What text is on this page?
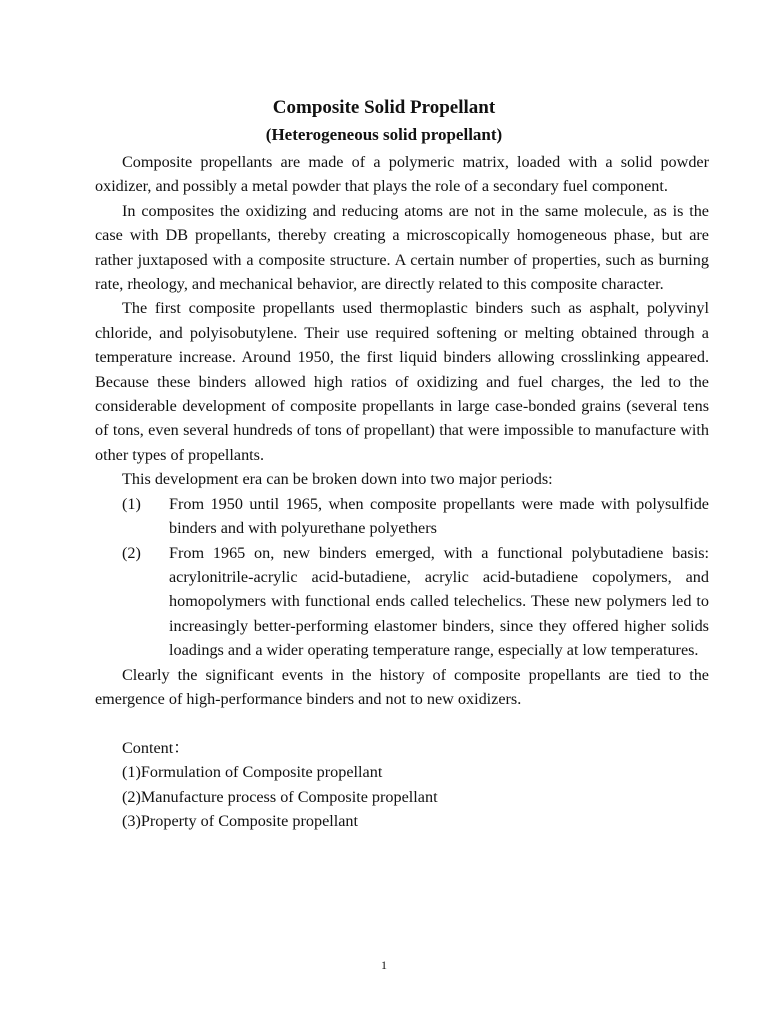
Composite Solid Propellant
(Heterogeneous solid propellant)

Composite propellants are made of a polymeric matrix, loaded with a solid powder oxidizer, and possibly a metal powder that plays the role of a secondary fuel component.

In composites the oxidizing and reducing atoms are not in the same molecule, as is the case with DB propellants, thereby creating a microscopically homogeneous phase, but are rather juxtaposed with a composite structure. A certain number of properties, such as burning rate, rheology, and mechanical behavior, are directly related to this composite character.

The first composite propellants used thermoplastic binders such as asphalt, polyvinyl chloride, and polyisobutylene. Their use required softening or melting obtained through a temperature increase. Around 1950, the first liquid binders allowing crosslinking appeared. Because these binders allowed high ratios of oxidizing and fuel charges, the led to the considerable development of composite propellants in large case-bonded grains (several tens of tons, even several hundreds of tons of propellant) that were impossible to manufacture with other types of propellants.

This development era can be broken down into two major periods:

(1) From 1950 until 1965, when composite propellants were made with polysulfide binders and with polyurethane polyethers
(2) From 1965 on, new binders emerged, with a functional polybutadiene basis: acrylonitrile-acrylic acid-butadiene, acrylic acid-butadiene copolymers, and homopolymers with functional ends called telechelics. These new polymers led to increasingly better-performing elastomer binders, since they offered higher solids loadings and a wider operating temperature range, especially at low temperatures.

Clearly the significant events in the history of composite propellants are tied to the emergence of high-performance binders and not to new oxidizers.

Content：

(1)Formulation of Composite propellant

(2)Manufacture process of Composite propellant

(3)Property of Composite propellant

1
